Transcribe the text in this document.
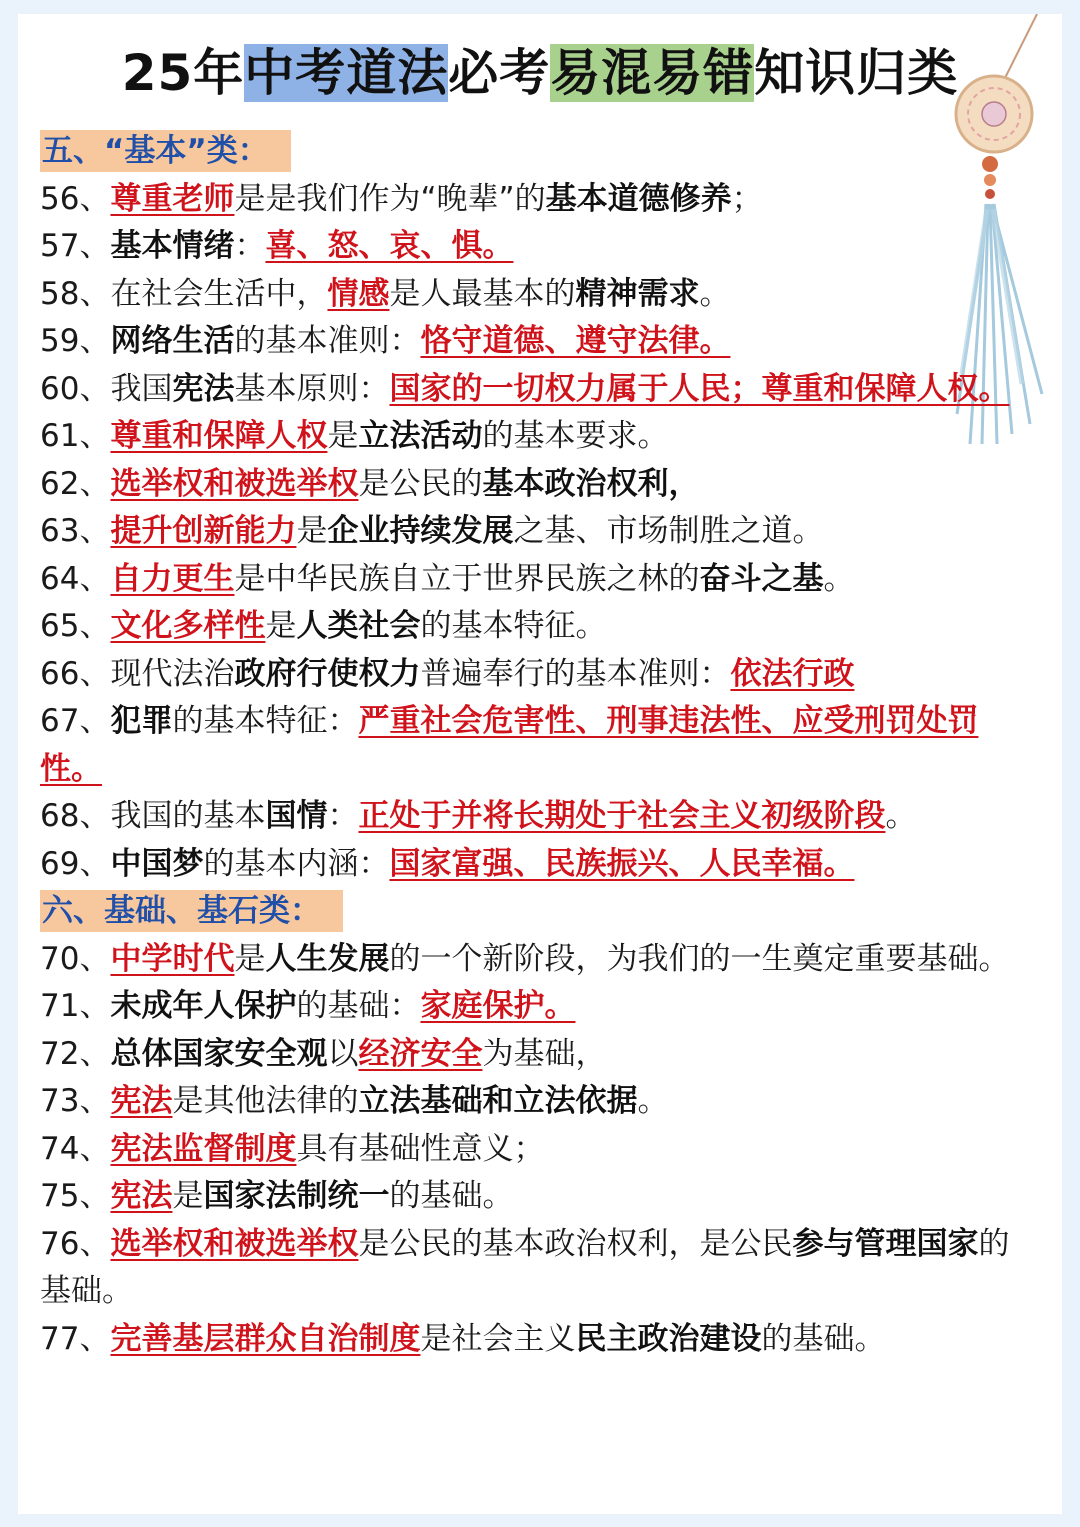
25年中考道法必考易混易错知识归类
五、“基本”类：
56、尊重老师是是我们作为“晚辈”的基本道德修养；
57、基本情绪：喜、怒、哀、惧。
58、在社会生活中，情感是人最基本的精神需求。
59、网络生活的基本准则：恪守道德、遵守法律。
60、我国宪法基本原则：国家的一切权力属于人民；尊重和保障人权。
61、尊重和保障人权是立法活动的基本要求。
62、选举权和被选举权是公民的基本政治权利，
63、提升创新能力是企业持续发展之基、市场制胜之道。
64、自力更生是中华民族自立于世界民族之林的奋斗之基。
65、文化多样性是人类社会的基本特征。
66、现代法治政府行使权力普遍奉行的基本准则：依法行政
67、犯罪的基本特征：严重社会危害性、刑事违法性、应受刑罚处罚性。
68、我国的基本国情：正处于并将长期处于社会主义初级阶段。
69、中国梦的基本内涵：国家富强、民族振兴、人民幸福。
六、基础、基石类：
70、中学时代是人生发展的一个新阶段，为我们的一生奠定重要基础。
71、未成年人保护的基础：家庭保护。
72、总体国家安全观以经济安全为基础，
73、宪法是其他法律的立法基础和立法依据。
74、宪法监督制度具有基础性意义；
75、宪法是国家法制统一的基础。
76、选举权和被选举权是公民的基本政治权利，是公民参与管理国家的基础。
77、完善基层群众自治制度是社会主义民主政治建设的基础。
